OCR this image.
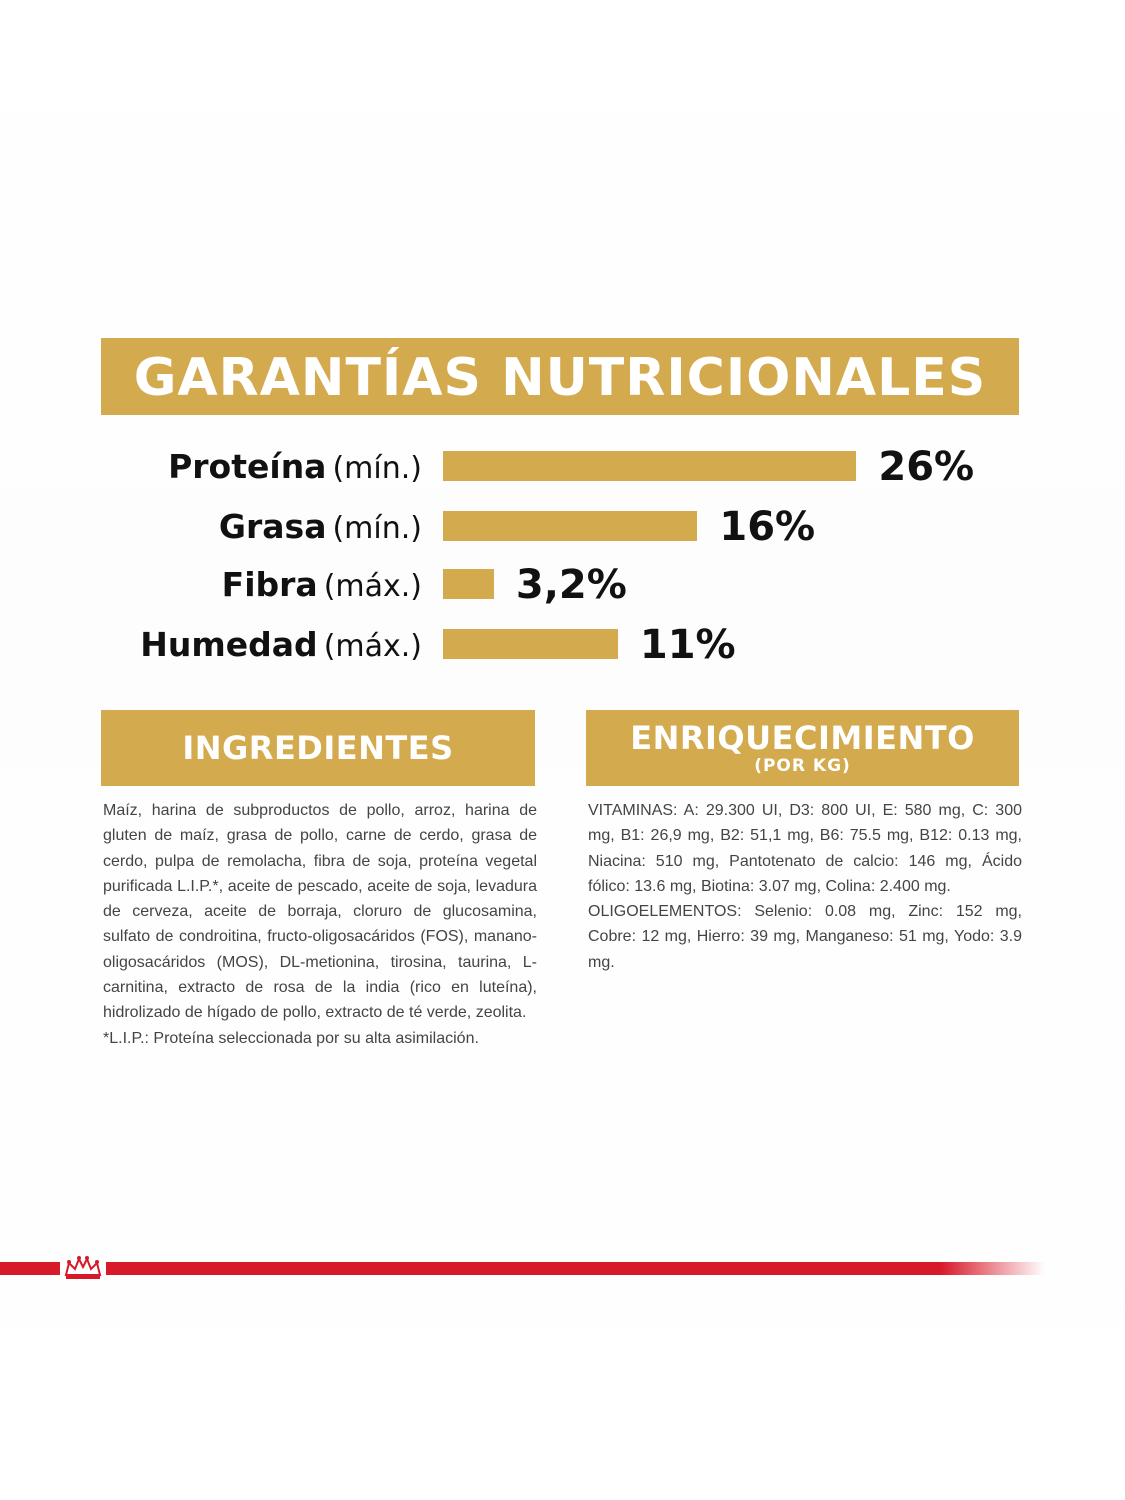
GARANTÍAS NUTRICIONALES
Proteína (mín.)	26%
Grasa (mín.)	16%
Fibra (máx.) 3,2%
Humedad (máx.)	11%
INGREDIENTES	ENRIQUECIMIENTO
(POR KG)
Maíz, harina de subproductos de pollo, arroz, harina de gluten de maíz, grasa de pollo, carne de cerdo, grasa de cerdo, pulpa de remolacha, fibra de soja, proteína vegetal purificada L.I.P.*, aceite de pescado, aceite de soja, levadura de cerveza, aceite de borraja, cloruro de glucosamina, sulfato de condroitina, fructo-oligosacáridos (FOS), manano-oligosacáridos (MOS), DL-metionina, tirosina, taurina, L-carnitina, extracto de rosa de la india (rico en luteína), hidrolizado de hígado de pollo, extracto de té verde, zeolita.
*L.I.P.: Proteína seleccionada por su alta asimilación.
VITAMINAS: A: 29.300 UI, D3: 800 UI, E: 580 mg, C: 300 mg, B1: 26,9 mg, B2: 51,1 mg, B6: 75.5 mg, B12: 0.13 mg, Niacina: 510 mg, Pantotenato de calcio: 146 mg, Ácido fólico: 13.6 mg, Biotina: 3.07 mg, Colina: 2.400 mg.
OLIGOELEMENTOS: Selenio: 0.08 mg, Zinc: 152 mg, Cobre: 12 mg, Hierro: 39 mg, Manganeso: 51 mg, Yodo: 3.9 mg.
